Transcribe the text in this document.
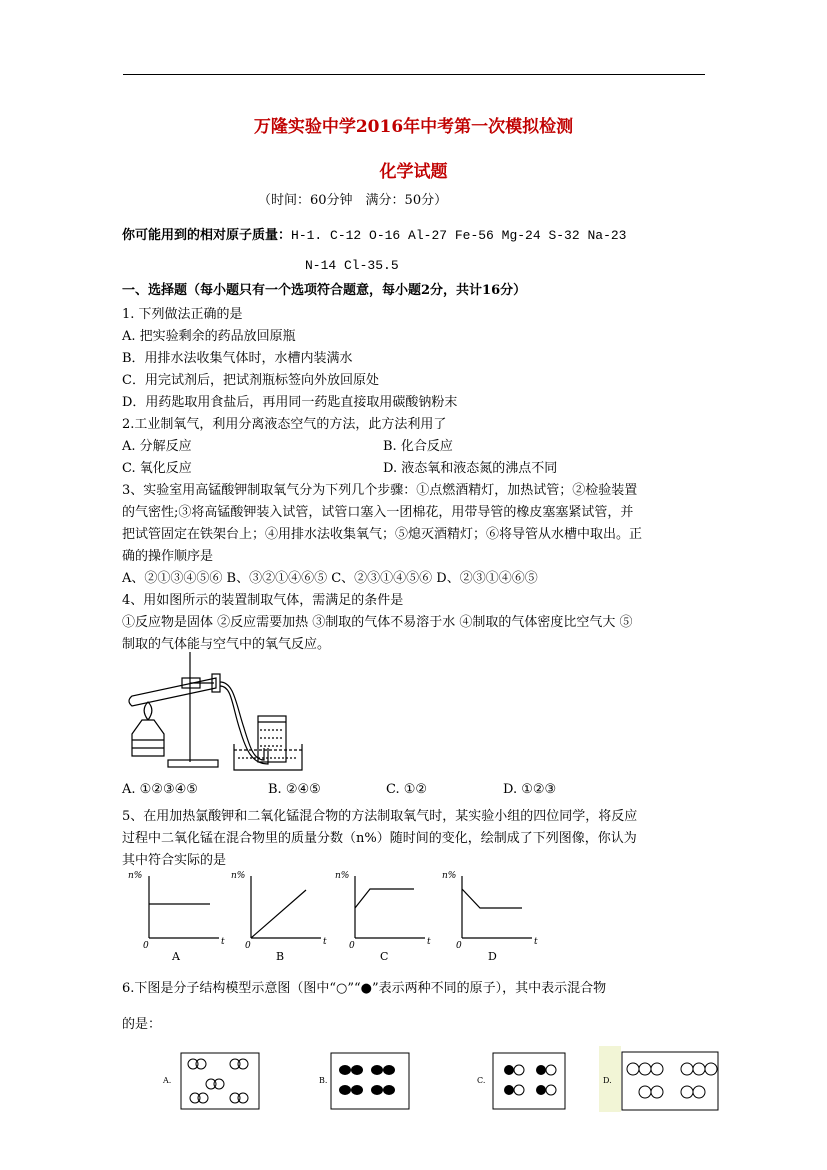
万隆实验中学2016年中考第一次模拟检测
化学试题
（时间：60分钟　满分：50分）
你可能用到的相对原子质量：H-1. C-12 O-16 Al-27 Fe-56 Mg-24 S-32 Na-23
N-14 Cl-35.5
一、选择题（每小题只有一个选项符合题意，每小题2分，共计16分）
1. 下列做法正确的是
A. 把实验剩余的药品放回原瓶
B．用排水法收集气体时，水槽内装满水
C．用完试剂后，把试剂瓶标签向外放回原处
D．用药匙取用食盐后，再用同一药匙直接取用碳酸钠粉末
2.工业制氧气，利用分离液态空气的方法，此方法利用了
A. 分解反应	B. 化合反应
C. 氧化反应	D. 液态氧和液态氮的沸点不同
3、实验室用高锰酸钾制取氧气分为下列几个步骤：①点燃酒精灯，加热试管；②检验装置
的气密性;③将高锰酸钾装入试管，试管口塞入一团棉花，用带导管的橡皮塞塞紧试管，并
把试管固定在铁架台上；④用排水法收集氧气；⑤熄灭酒精灯；⑥将导管从水槽中取出。正
确的操作顺序是
A、②①③④⑤⑥ B、③②①④⑥⑤ C、②③①④⑤⑥ D、②③①④⑥⑤
4、用如图所示的装置制取气体，需满足的条件是
①反应物是固体 ②反应需要加热 ③制取的气体不易溶于水 ④制取的气体密度比空气大 ⑤
制取的气体能与空气中的氧气反应。
A. ①②③④⑤	B. ②④⑤	C. ①②	D. ①②③
5、在用加热氯酸钾和二氧化锰混合物的方法制取氧气时，某实验小组的四位同学，将反应
过程中二氧化锰在混合物里的质量分数（n%）随时间的变化，绘制成了下列图像，你认为
其中符合实际的是
n%
t
0
n%
t
0
n%
t
0
n%
t
0
A	B	C	D
6.下图是分子结构模型示意图（图中“○”“●”表示两种不同的原子），其中表示混合物
的是：
A.	B.	C.	D.
